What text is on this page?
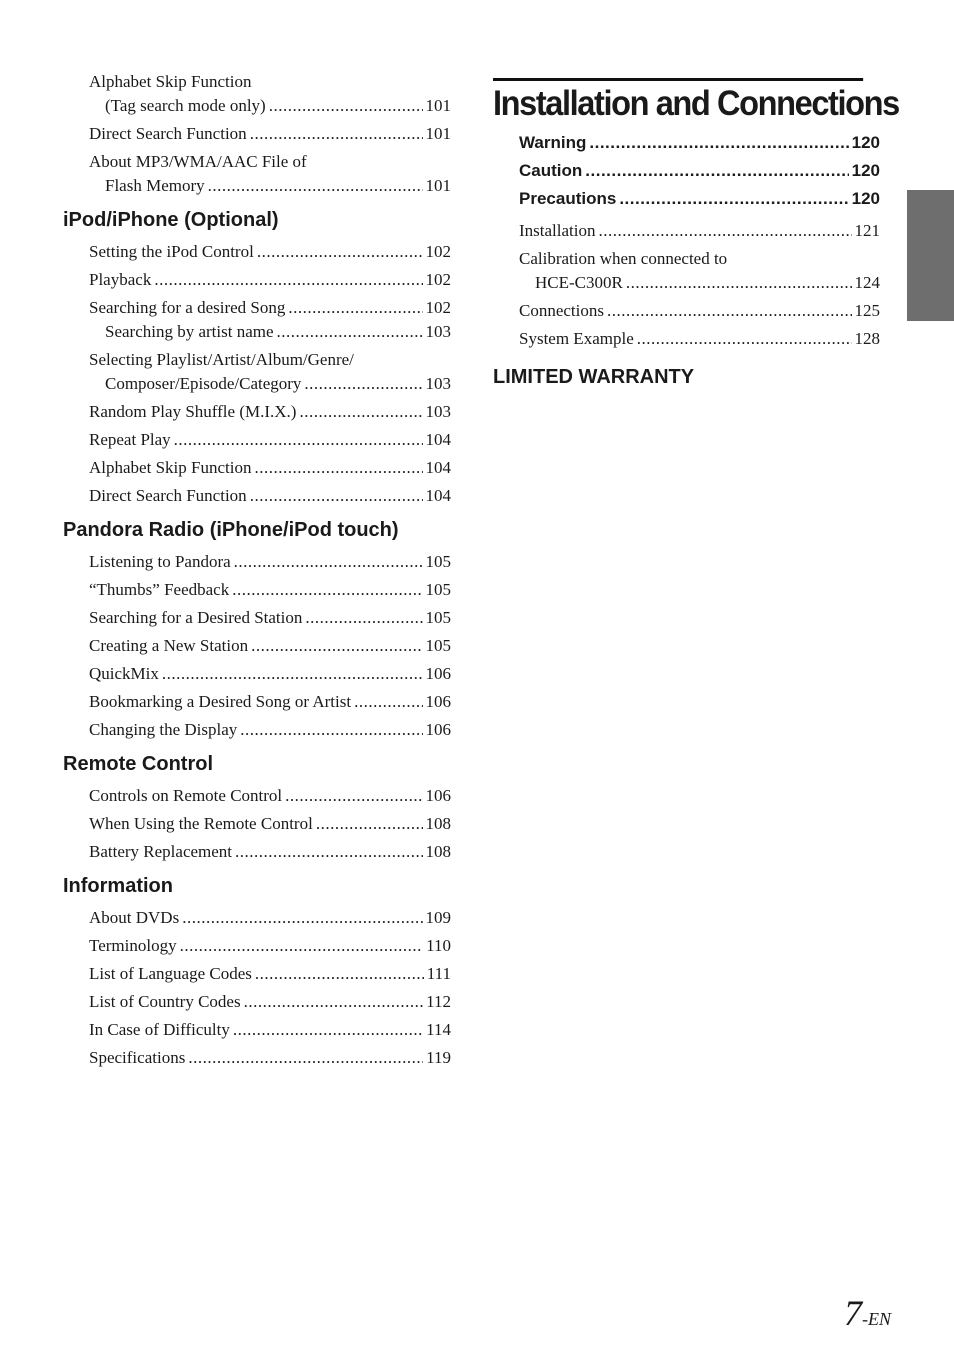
Alphabet Skip Function
(Tag search mode only) .....	101
Direct Search Function .....	101
About MP3/WMA/AAC File of
Flash Memory .....	101
iPod/iPhone (Optional)
Setting the iPod Control .....	102
Playback .....	102
Searching for a desired Song .....	102
Searching by artist name .....	103
Selecting Playlist/Artist/Album/Genre/
Composer/Episode/Category .....	103
Random Play Shuffle (M.I.X.) .....	103
Repeat Play .....	104
Alphabet Skip Function .....	104
Direct Search Function .....	104
Pandora Radio (iPhone/iPod touch)
Listening to Pandora .....	105
“Thumbs” Feedback .....	105
Searching for a Desired Station .....	105
Creating a New Station .....	105
QuickMix .....	106
Bookmarking a Desired Song or Artist .....	106
Changing the Display .....	106
Remote Control
Controls on Remote Control .....	106
When Using the Remote Control .....	108
Battery Replacement .....	108
Information
About DVDs .....	109
Terminology .....	110
List of Language Codes .....	111
List of Country Codes .....	112
In Case of Difficulty .....	114
Specifications .....	119
Installation and Connections
Warning .....	120
Caution .....	120
Precautions .....	120
Installation .....	121
Calibration when connected to
HCE-C300R .....	124
Connections .....	125
System Example .....	128
LIMITED WARRANTY
7-EN
